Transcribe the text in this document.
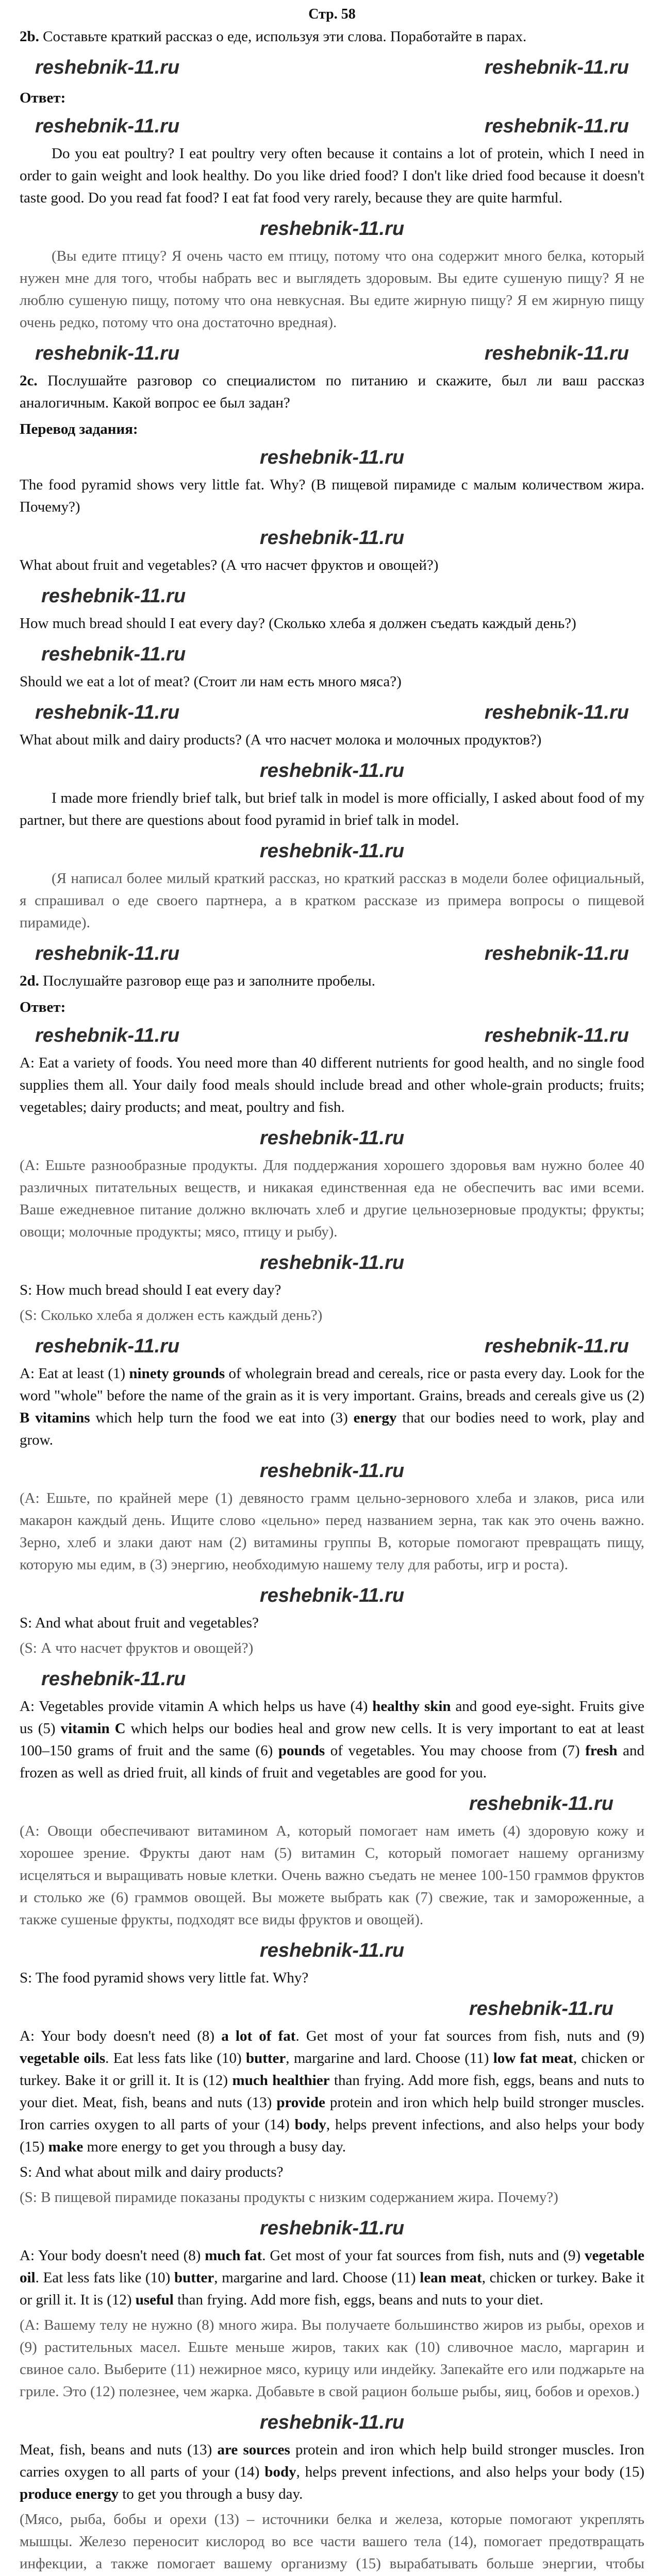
Стр. 58

2b. Составьте краткий рассказ о еде, используя эти слова. Поработайте в парах.

reshebnik-11.ru	reshebnik-11.ru
Ответ:
reshebnik-11.ru	reshebnik-11.ru

Do you eat poultry? I eat poultry very often because it contains a lot of protein, which I need in order to gain weight and look healthy. Do you like dried food? I don't like dried food because it doesn't taste good. Do you read fat food? I eat fat food very rarely, because they are quite harmful.

reshebnik-11.ru

(Вы едите птицу? Я очень часто ем птицу, потому что она содержит много белка, который нужен мне для того, чтобы набрать вес и выглядеть здоровым. Вы едите сушеную пищу? Я не люблю сушеную пищу, потому что она невкусная. Вы едите жирную пищу? Я ем жирную пищу очень редко, потому что она достаточно вредная).

reshebnik-11.ru	reshebnik-11.ru

2c. Послушайте разговор со специалистом по питанию и скажите, был ли ваш рассказ аналогичным. Какой вопрос ее был задан?

Перевод задания:
reshebnik-11.ru

The food pyramid shows very little fat. Why? (В пищевой пирамиде с малым количеством жира. Почему?)

reshebnik-11.ru

What about fruit and vegetables? (А что насчет фруктов и овощей?)

reshebnik-11.ru

How much bread should I eat every day? (Сколько хлеба я должен съедать каждый день?)

reshebnik-11.ru

Should we eat a lot of meat? (Стоит ли нам есть много мяса?)

reshebnik-11.ru	reshebnik-11.ru

What about milk and dairy products? (А что насчет молока и молочных продуктов?)

reshebnik-11.ru

I made more friendly brief talk, but brief talk in model is more officially, I asked about food of my partner, but there are questions about food pyramid in brief talk in model.

reshebnik-11.ru

(Я написал более милый краткий рассказ, но краткий рассказ в модели более официальный, я спрашивал о еде своего партнера, а в кратком рассказе из примера вопросы о пищевой пирамиде).

reshebnik-11.ru	reshebnik-11.ru

2d. Послушайте разговор еще раз и заполните пробелы.

Ответ:
reshebnik-11.ru	reshebnik-11.ru

A: Eat a variety of foods. You need more than 40 different nutrients for good health, and no single food supplies them all. Your daily food meals should include bread and other whole-grain products; fruits; vegetables; dairy products; and meat, poultry and fish.

reshebnik-11.ru

(А: Ешьте разнообразные продукты. Для поддержания хорошего здоровья вам нужно более 40 различных питательных веществ, и никакая единственная еда не обеспечить вас ими всеми. Ваше ежедневное питание должно включать хлеб и другие цельнозерновые продукты; фрукты; овощи; молочные продукты; мясо, птицу и рыбу).

reshebnik-11.ru

S: How much bread should I eat every day?

(S: Сколько хлеба я должен есть каждый день?)

reshebnik-11.ru	reshebnik-11.ru

A: Eat at least (1) ninety grounds of wholegrain bread and cereals, rice or pasta every day. Look for the word "whole" before the name of the grain as it is very important. Grains, breads and cereals give us (2) B vitamins which help turn the food we eat into (3) energy that our bodies need to work, play and grow.

reshebnik-11.ru

(А: Ешьте, по крайней мере (1) девяносто грамм цельно-зернового хлеба и злаков, риса или макарон каждый день. Ищите слово «цельно» перед названием зерна, так как это очень важно. Зерно, хлеб и злаки дают нам (2) витамины группы В, которые помогают превращать пищу, которую мы едим, в (3) энергию, необходимую нашему телу для работы, игр и роста).

reshebnik-11.ru

S: And what about fruit and vegetables?

(S: А что насчет фруктов и овощей?)

reshebnik-11.ru

A: Vegetables provide vitamin A which helps us have (4) healthy skin and good eye-sight. Fruits give us (5) vitamin C which helps our bodies heal and grow new cells. It is very important to eat at least 100–150 grams of fruit and the same (6) pounds of vegetables. You may choose from (7) fresh and frozen as well as dried fruit, all kinds of fruit and vegetables are good for you.

reshebnik-11.ru

(А: Овощи обеспечивают витамином А, который помогает нам иметь (4) здоровую кожу и хорошее зрение. Фрукты дают нам (5) витамин С, который помогает нашему организму исцеляться и выращивать новые клетки. Очень важно съедать не менее 100-150 граммов фруктов и столько же (6) граммов овощей. Вы можете выбрать как (7) свежие, так и замороженные, а также сушеные фрукты, подходят все виды фруктов и овощей).

reshebnik-11.ru

S: The food pyramid shows very little fat. Why?

reshebnik-11.ru

A: Your body doesn't need (8) a lot of fat. Get most of your fat sources from fish, nuts and (9) vegetable oils. Eat less fats like (10) butter, margarine and lard. Choose (11) low fat meat, chicken or turkey. Bake it or grill it. It is (12) much healthier than frying. Add more fish, eggs, beans and nuts to your diet. Meat, fish, beans and nuts (13) provide protein and iron which help build stronger muscles. Iron carries oxygen to all parts of your (14) body, helps prevent infections, and also helps your body (15) make more energy to get you through a busy day.

S: And what about milk and dairy products?

(S: В пищевой пирамиде показаны продукты с низким содержанием жира. Почему?)

reshebnik-11.ru

A: Your body doesn't need (8) much fat. Get most of your fat sources from fish, nuts and (9) vegetable oil. Eat less fats like (10) butter, margarine and lard. Choose (11) lean meat, chicken or turkey. Bake it or grill it. It is (12) useful than frying. Add more fish, eggs, beans and nuts to your diet.

(А: Вашему телу не нужно (8) много жира. Вы получаете большинство жиров из рыбы, орехов и (9) растительных масел. Ешьте меньше жиров, таких как (10) сливочное масло, маргарин и свиное сало. Выберите (11) нежирное мясо, курицу или индейку. Запекайте его или поджарьте на гриле. Это (12) полезнее, чем жарка. Добавьте в свой рацион больше рыбы, яиц, бобов и орехов.)

reshebnik-11.ru

Meat, fish, beans and nuts (13) are sources protein and iron which help build stronger muscles. Iron carries oxygen to all parts of your (14) body, helps prevent infections, and also helps your body (15) produce energy to get you through a busy day.

(Мясо, рыба, бобы и орехи (13) – источники белка и железа, которые помогают укреплять мышцы. Железо переносит кислород во все части вашего тела (14), помогает предотвращать инфекции, а также помогает вашему организму (15) вырабатывать больше энергии, чтобы
